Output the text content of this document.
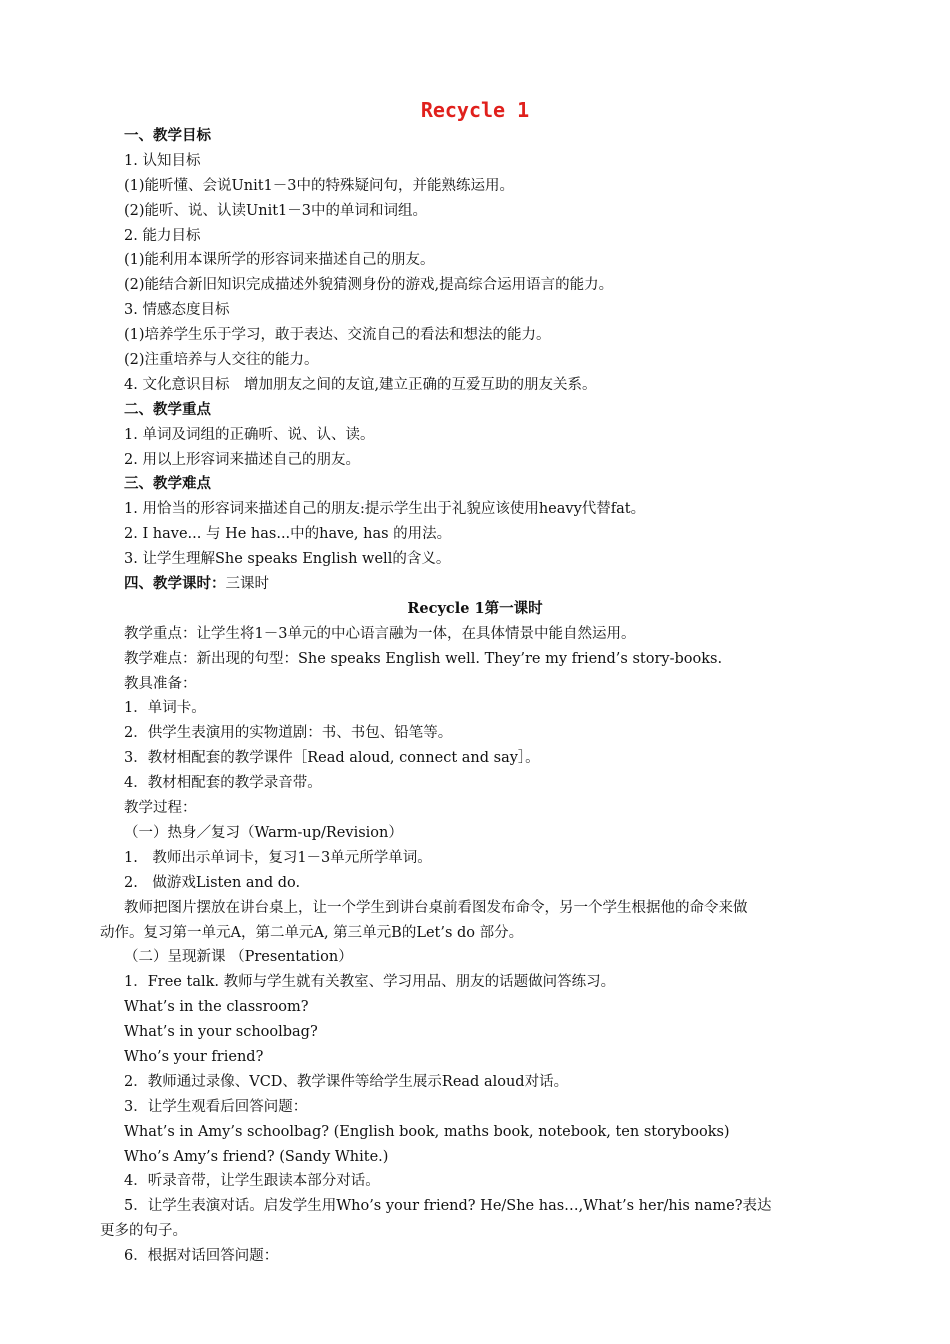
Recycle 1
一、教学目标
1. 认知目标
(1)能听懂、会说Unit1－3中的特殊疑问句，并能熟练运用。
(2)能听、说、认读Unit1－3中的单词和词组。
2. 能力目标
(1)能利用本课所学的形容词来描述自己的朋友。
(2)能结合新旧知识完成描述外貌猜测身份的游戏,提高综合运用语言的能力。
3. 情感态度目标
(1)培养学生乐于学习，敢于表达、交流自己的看法和想法的能力。
(2)注重培养与人交往的能力。
4. 文化意识目标　增加朋友之间的友谊,建立正确的互爱互助的朋友关系。
二、教学重点
1. 单词及词组的正确听、说、认、读。
2. 用以上形容词来描述自己的朋友。
三、教学难点
1. 用恰当的形容词来描述自己的朋友:提示学生出于礼貌应该使用heavy代替fat。
2. I have... 与 He has...中的have, has 的用法。
3. 让学生理解She speaks English well的含义。
四、教学课时：三课时
Recycle 1第一课时
教学重点：让学生将1－3单元的中心语言融为一体，在具体情景中能自然运用。
教学难点：新出现的句型：She speaks English well. They’re my friend’s story-books.
教具准备：
1．单词卡。
2．供学生表演用的实物道剧：书、书包、铅笔等。
3．教材相配套的教学课件［Read aloud, connect and say］。
4．教材相配套的教学录音带。
教学过程：
（一）热身／复习（Warm-up/Revision）
1.　教师出示单词卡，复习1－3单元所学单词。
2.　做游戏Listen and do.
教师把图片摆放在讲台桌上，让一个学生到讲台桌前看图发布命令，另一个学生根据他的命令来做
动作。复习第一单元A，第二单元A, 第三单元B的Let’s do 部分。
（二）呈现新课 （Presentation）
1．Free talk. 教师与学生就有关教室、学习用品、朋友的话题做问答练习。
What’s in the classroom?
What’s in your schoolbag?
Who’s your friend?
2．教师通过录像、VCD、教学课件等给学生展示Read aloud对话。
3．让学生观看后回答问题：
What’s in Amy’s schoolbag? (English book, maths book, notebook, ten storybooks)
Who’s Amy’s friend? (Sandy White.)
4．听录音带，让学生跟读本部分对话。
5．让学生表演对话。启发学生用Who’s your friend? He/She has…,What’s her/his name?表达
更多的句子。
6．根据对话回答问题：
